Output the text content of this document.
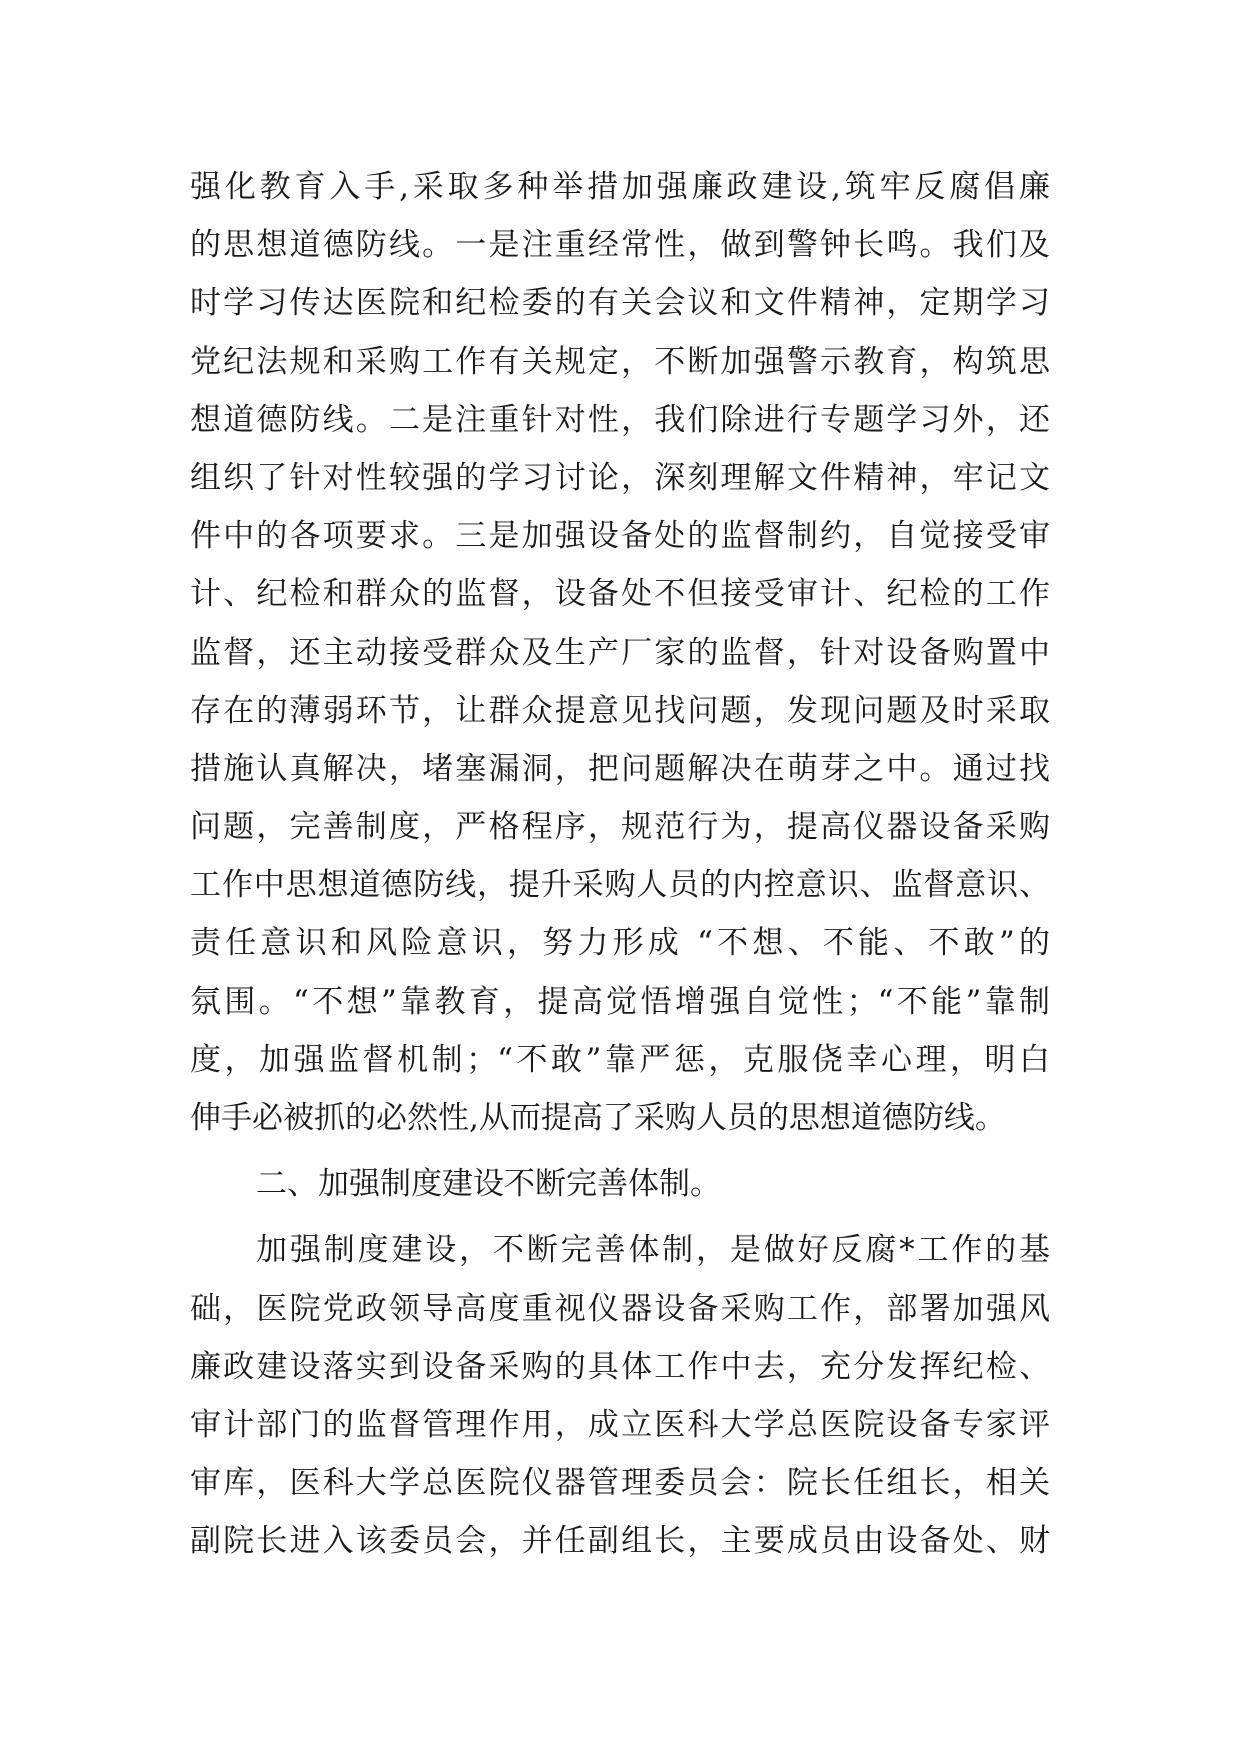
强化教育入手,采取多种举措加强廉政建设,筑牢反腐倡廉
的思想道德防线。一是注重经常性，做到警钟长鸣。我们及
时学习传达医院和纪检委的有关会议和文件精神，定期学习
党纪法规和采购工作有关规定，不断加强警示教育，构筑思
想道德防线。二是注重针对性，我们除进行专题学习外，还
组织了针对性较强的学习讨论，深刻理解文件精神，牢记文
件中的各项要求。三是加强设备处的监督制约，自觉接受审
计、纪检和群众的监督，设备处不但接受审计、纪检的工作
监督，还主动接受群众及生产厂家的监督，针对设备购置中
存在的薄弱环节，让群众提意见找问题，发现问题及时采取
措施认真解决，堵塞漏洞，把问题解决在萌芽之中。通过找
问题，完善制度，严格程序，规范行为，提高仪器设备采购
工作中思想道德防线，提升采购人员的内控意识、监督意识、
责任意识和风险意识，努力形成 “不想、不能、不敢”的
氛围。“不想”靠教育，提高觉悟增强自觉性；“不能”靠制
度，加强监督机制；“不敢”靠严惩，克服侥幸心理，明白
伸手必被抓的必然性,从而提高了采购人员的思想道德防线。
二、加强制度建设不断完善体制。
加强制度建设，不断完善体制，是做好反腐*工作的基
础，医院党政领导高度重视仪器设备采购工作，部署加强风
廉政建设落实到设备采购的具体工作中去，充分发挥纪检、
审计部门的监督管理作用，成立医科大学总医院设备专家评
审库，医科大学总医院仪器管理委员会：院长任组长，相关
副院长进入该委员会，并任副组长，主要成员由设备处、财
